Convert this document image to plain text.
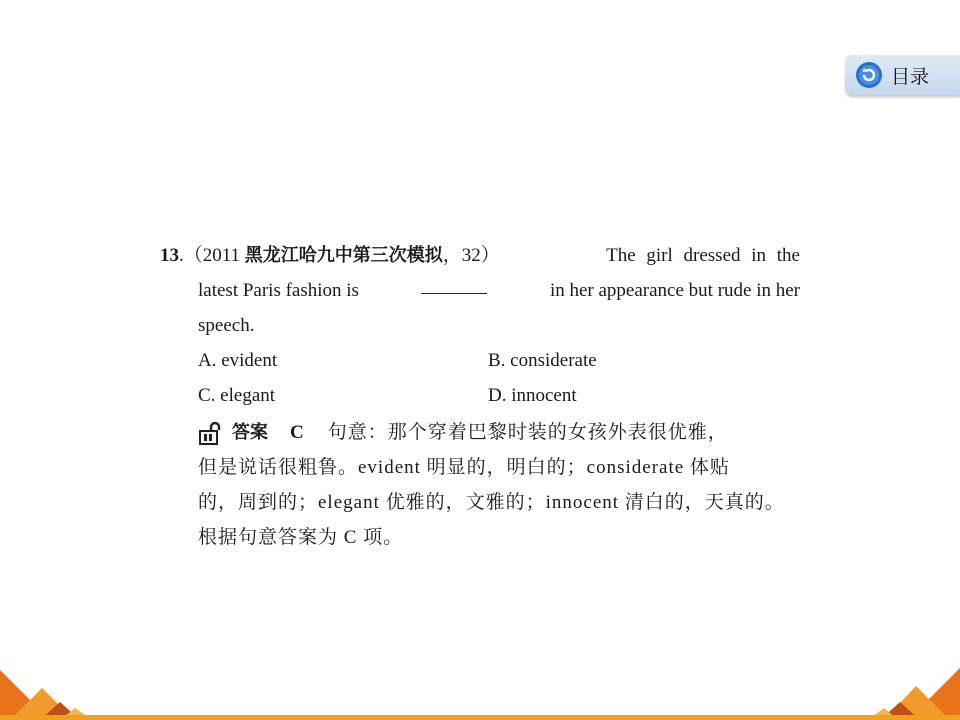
目录
13.（2011 黑龙江哈九中第三次模拟，32）	The girl dressed in the
latest Paris fashion is	in her appearance but rude in her
speech.
A. evident	B. considerate
C. elegant	D. innocent
答案 C 句意：那个穿着巴黎时装的女孩外表很优雅，
但是说话很粗鲁。evident 明显的，明白的；considerate 体贴
的，周到的；elegant 优雅的，文雅的；innocent 清白的，天真的。
根据句意答案为 C 项。
